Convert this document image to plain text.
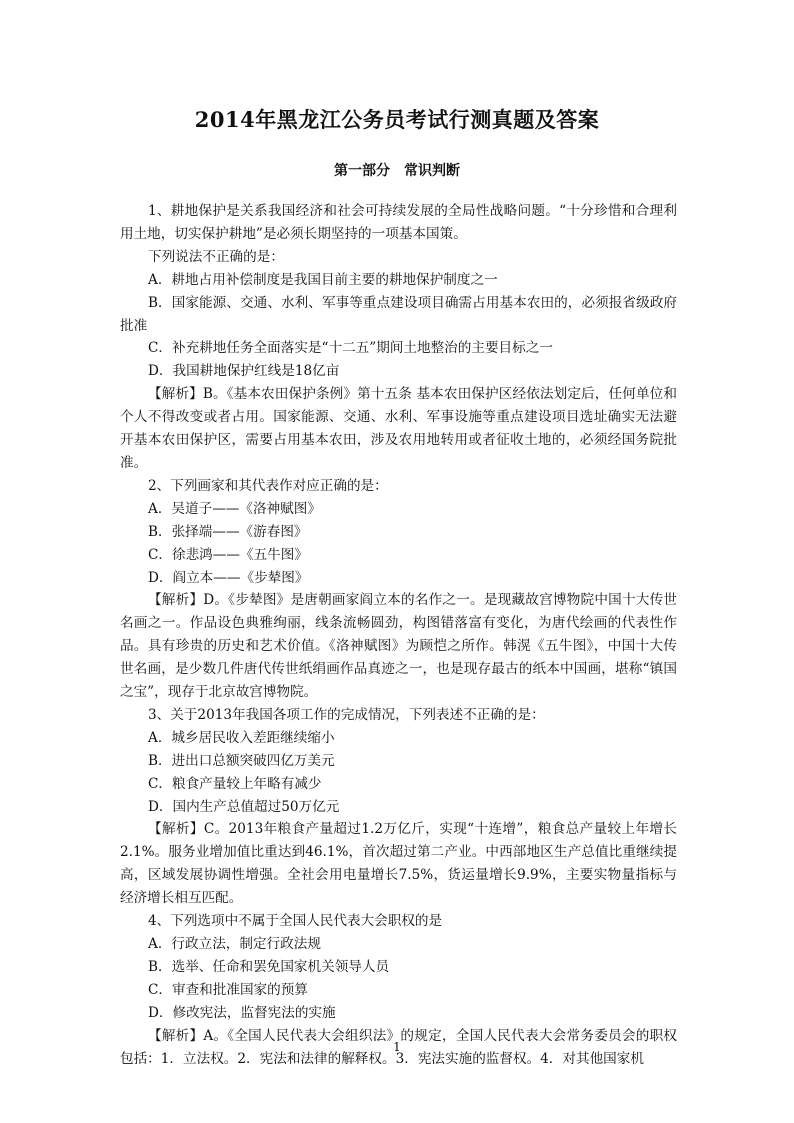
2014年黑龙江公务员考试行测真题及答案
第一部分　常识判断

1、耕地保护是关系我国经济和社会可持续发展的全局性战略问题。“十分珍惜和合理利用土地，切实保护耕地”是必须长期坚持的一项基本国策。

下列说法不正确的是：

A．耕地占用补偿制度是我国目前主要的耕地保护制度之一

B．国家能源、交通、水利、军事等重点建设项目确需占用基本农田的，必须报省级政府批准

C．补充耕地任务全面落实是“十二五”期间土地整治的主要目标之一

D．我国耕地保护红线是18亿亩

【解析】B。《基本农田保护条例》第十五条 基本农田保护区经依法划定后，任何单位和个人不得改变或者占用。国家能源、交通、水利、军事设施等重点建设项目选址确实无法避开基本农田保护区，需要占用基本农田，涉及农用地转用或者征收土地的，必须经国务院批准。

2、下列画家和其代表作对应正确的是：

A．吴道子——《洛神赋图》

B．张择端——《游春图》

C．徐悲鸿——《五牛图》

D．阎立本——《步辇图》

【解析】D。《步辇图》是唐朝画家阎立本的名作之一。是现藏故宫博物院中国十大传世名画之一。作品设色典雅绚丽，线条流畅圆劲，构图错落富有变化，为唐代绘画的代表性作品。具有珍贵的历史和艺术价值。《洛神赋图》为顾恺之所作。韩滉《五牛图》，中国十大传世名画，是少数几件唐代传世纸绢画作品真迹之一，也是现存最古的纸本中国画，堪称“镇国之宝”，现存于北京故宫博物院。

3、关于2013年我国各项工作的完成情况，下列表述不正确的是：

A．城乡居民收入差距继续缩小

B．进出口总额突破四亿万美元

C．粮食产量较上年略有减少

D．国内生产总值超过50万亿元

【解析】C。2013年粮食产量超过1.2万亿斤，实现“十连增”，粮食总产量较上年增长2.1%。服务业增加值比重达到46.1%，首次超过第二产业。中西部地区生产总值比重继续提高，区域发展协调性增强。全社会用电量增长7.5%，货运量增长9.9%，主要实物量指标与经济增长相互匹配。

4、下列选项中不属于全国人民代表大会职权的是

A．行政立法，制定行政法规

B．选举、任命和罢免国家机关领导人员

C．审查和批准国家的预算

D．修改宪法，监督宪法的实施

【解析】A。《全国人民代表大会组织法》的规定，全国人民代表大会常务委员会的职权包括：1．立法权。2．宪法和法律的解释权。3．宪法实施的监督权。4．对其他国家机

1
